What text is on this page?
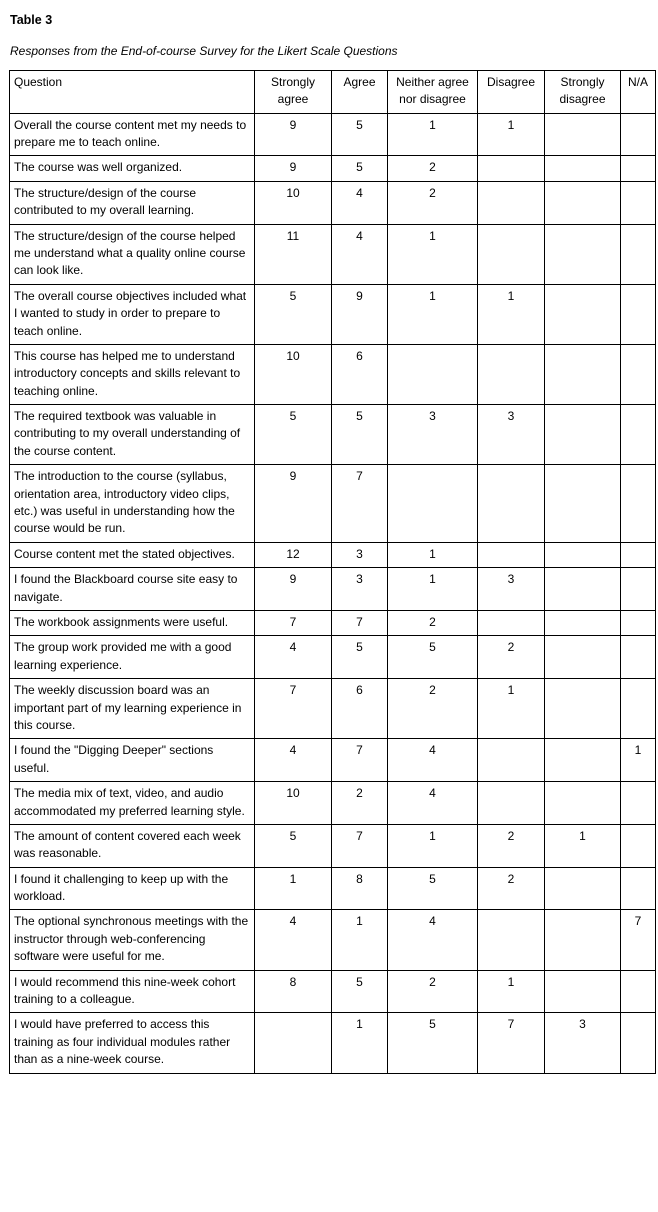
Table 3
Responses from the End-of-course Survey for the Likert Scale Questions
Question	Strongly agree	Agree	Neither agree nor disagree	Disagree	Strongly disagree	N/A
Overall the course content met my needs to prepare me to teach online.	9	5	1	1		
The course was well organized.	9	5	2			
The structure/design of the course contributed to my overall learning.	10	4	2			
The structure/design of the course helped me understand what a quality online course can look like.	11	4	1			
The overall course objectives included what I wanted to study in order to prepare to teach online.	5	9	1	1		
This course has helped me to understand introductory concepts and skills relevant to teaching online.	10	6				
The required textbook was valuable in contributing to my overall understanding of the course content.	5	5	3	3		
The introduction to the course (syllabus, orientation area, introductory video clips, etc.) was useful in understanding how the course would be run.	9	7				
Course content met the stated objectives.	12	3	1			
I found the Blackboard course site easy to navigate.	9	3	1	3		
The workbook assignments were useful.	7	7	2			
The group work provided me with a good learning experience.	4	5	5	2		
The weekly discussion board was an important part of my learning experience in this course.	7	6	2	1		
I found the "Digging Deeper" sections useful.	4	7	4			1
The media mix of text, video, and audio accommodated my preferred learning style.	10	2	4			
The amount of content covered each week was reasonable.	5	7	1	2	1	
I found it challenging to keep up with the workload.	1	8	5	2		
The optional synchronous meetings with the instructor through web-conferencing software were useful for me.	4	1	4			7
I would recommend this nine-week cohort training to a colleague.	8	5	2	1		
I would have preferred to access this training as four individual modules rather than as a nine-week course.		1	5	7	3	
